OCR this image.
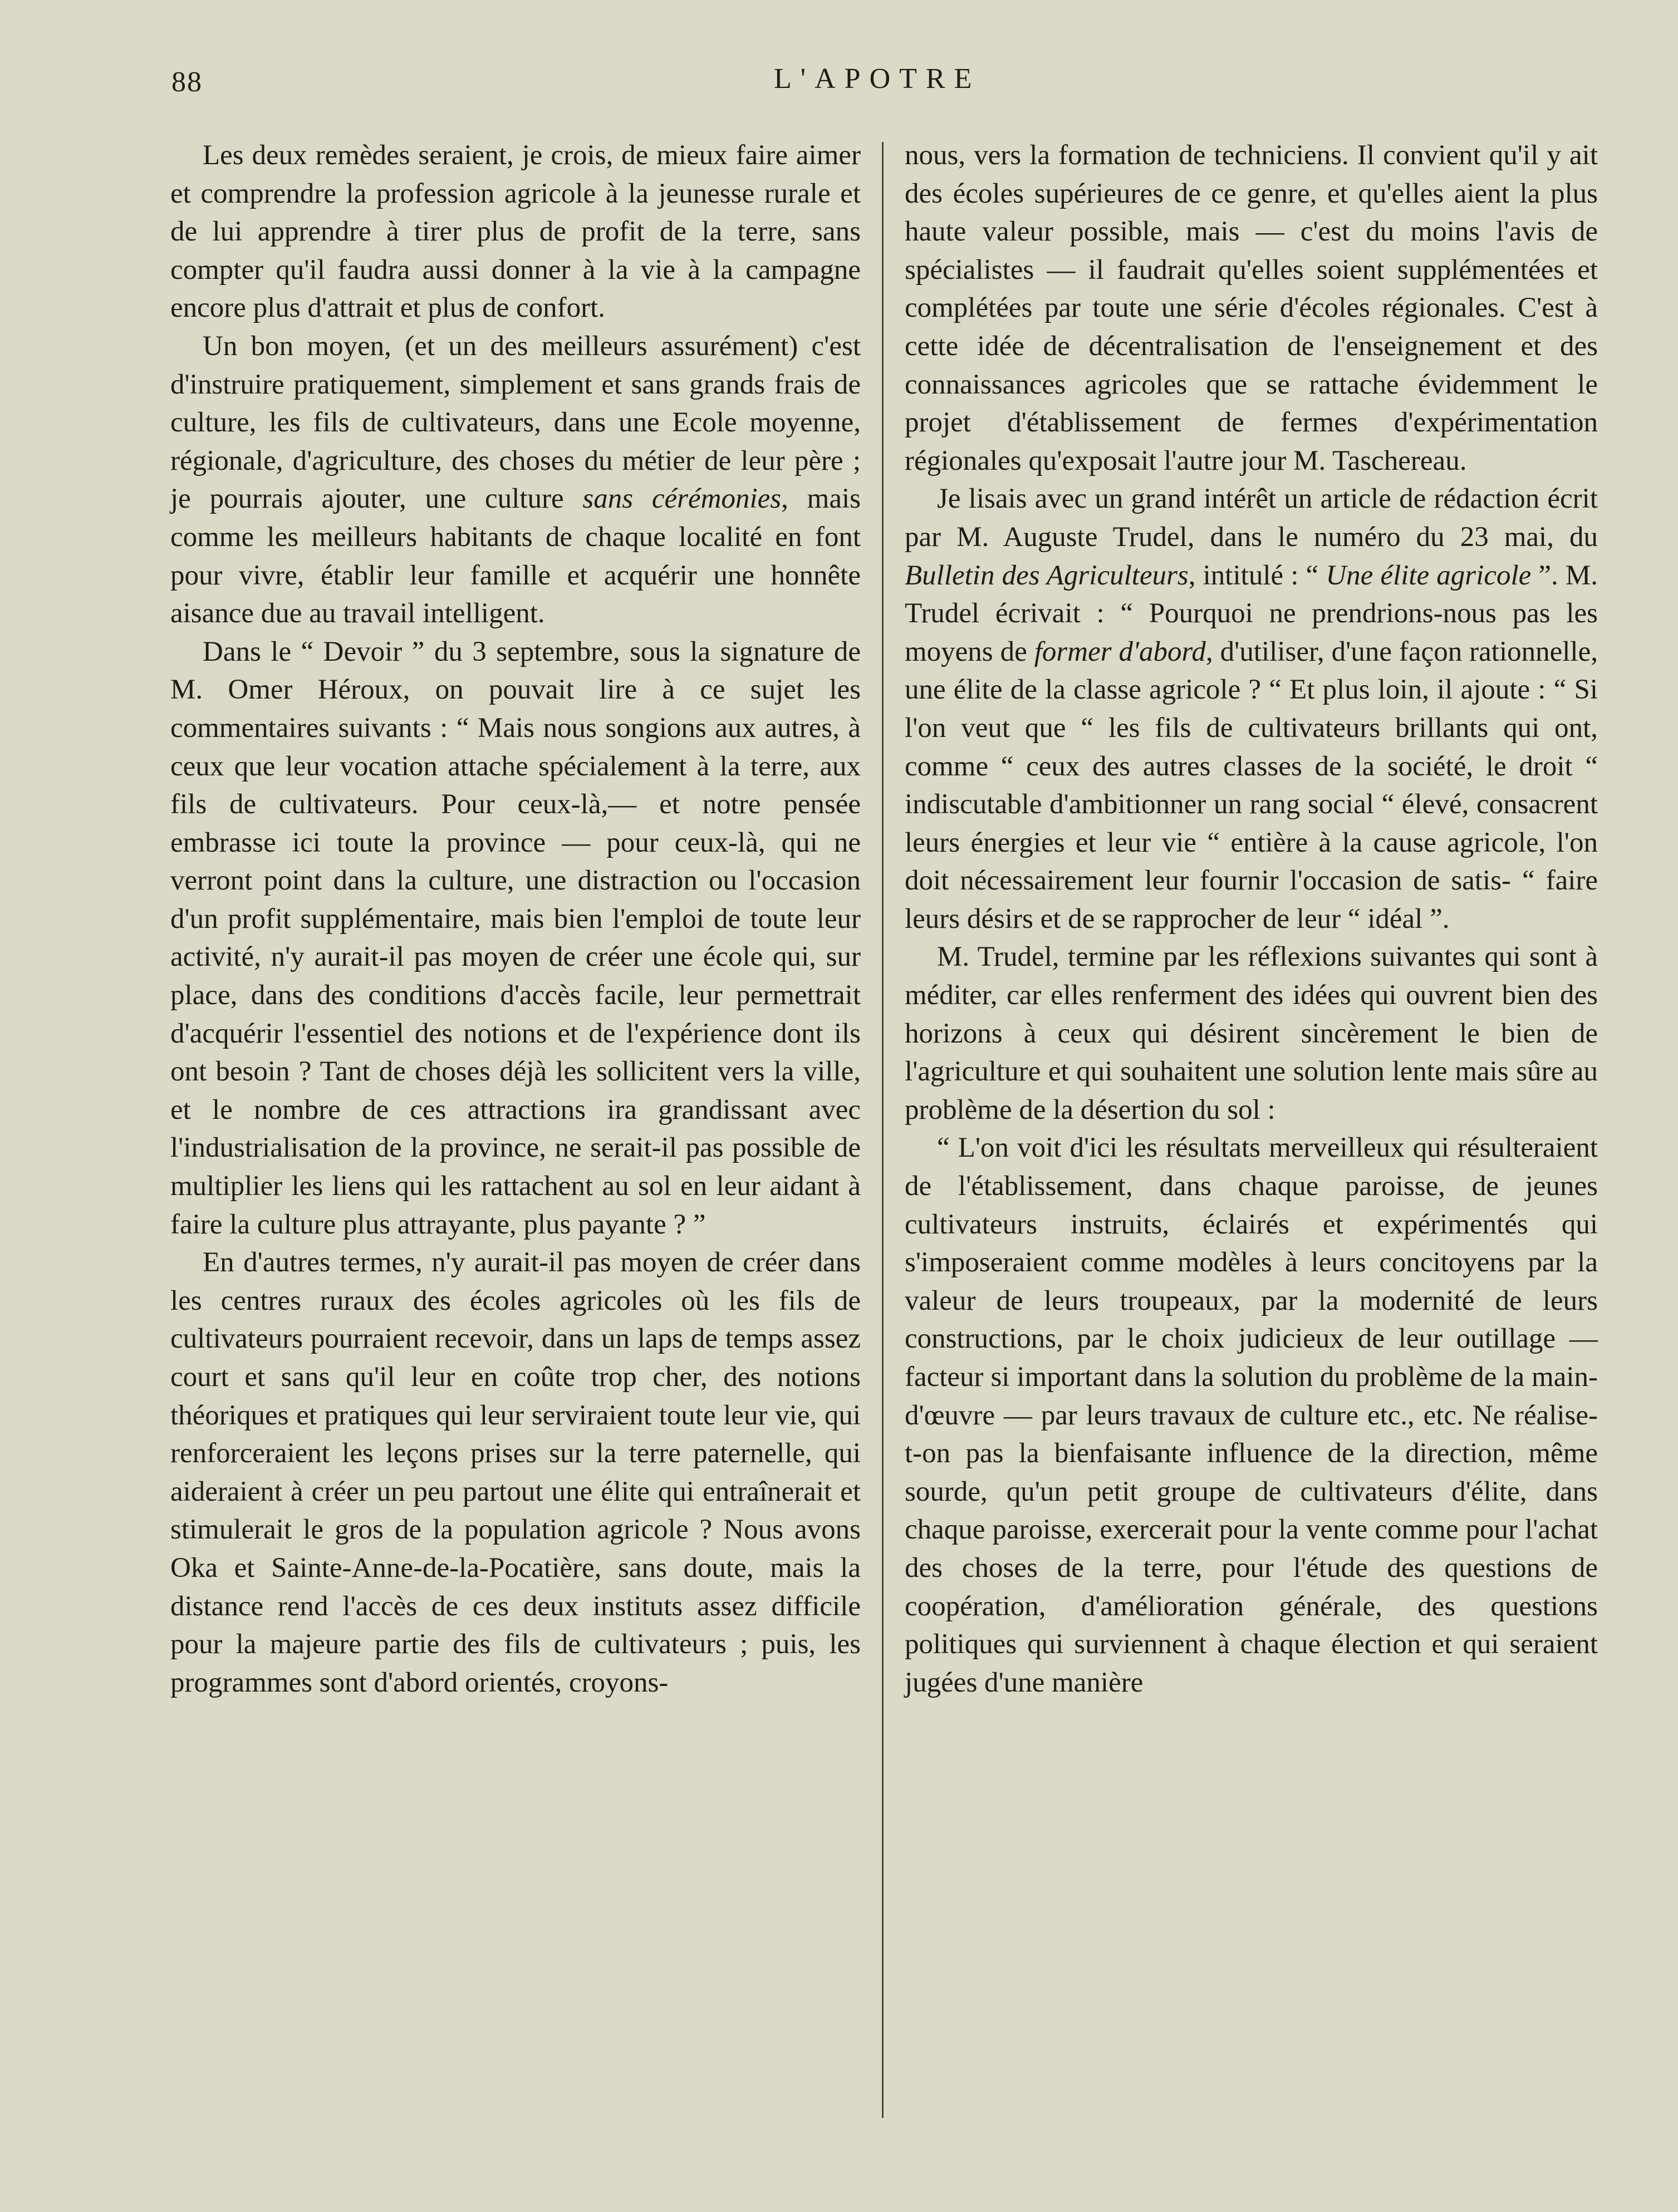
88	L'APOTRE

Les deux remèdes seraient, je crois, de mieux faire aimer et comprendre la profession agricole à la jeunesse rurale et de lui apprendre à tirer plus de profit de la terre, sans compter qu'il faudra aussi donner à la vie à la campagne encore plus d'attrait et plus de confort.

Un bon moyen, (et un des meilleurs assurément) c'est d'instruire pratiquement, simplement et sans grands frais de culture, les fils de cultivateurs, dans une Ecole moyenne, régionale, d'agriculture, des choses du métier de leur père ; je pourrais ajouter, une culture sans cérémonies, mais comme les meilleurs habitants de chaque localité en font pour vivre, établir leur famille et acquérir une honnête aisance due au travail intelligent.

Dans le “ Devoir ” du 3 septembre, sous la signature de M. Omer Héroux, on pouvait lire à ce sujet les commentaires suivants : “ Mais nous songions aux autres, à ceux que leur vocation attache spécialement à la terre, aux fils de cultivateurs. Pour ceux-là,— et notre pensée embrasse ici toute la province — pour ceux-là, qui ne verront point dans la culture, une distraction ou l'occasion d'un profit supplémentaire, mais bien l'emploi de toute leur activité, n'y aurait-il pas moyen de créer une école qui, sur place, dans des conditions d'accès facile, leur permettrait d'acquérir l'essentiel des notions et de l'expérience dont ils ont besoin ? Tant de choses déjà les sollicitent vers la ville, et le nombre de ces attractions ira grandissant avec l'industrialisation de la province, ne serait-il pas possible de multiplier les liens qui les rattachent au sol en leur aidant à faire la culture plus attrayante, plus payante ? ”

En d'autres termes, n'y aurait-il pas moyen de créer dans les centres ruraux des écoles agricoles où les fils de cultivateurs pourraient recevoir, dans un laps de temps assez court et sans qu'il leur en coûte trop cher, des notions théoriques et pratiques qui leur serviraient toute leur vie, qui renforceraient les leçons prises sur la terre paternelle, qui aideraient à créer un peu partout une élite qui entraînerait et stimulerait le gros de la population agricole ? Nous avons Oka et Sainte-Anne-de-la-Pocatière, sans doute, mais la distance rend l'accès de ces deux instituts assez difficile pour la majeure partie des fils de cultivateurs ; puis, les programmes sont d'abord orientés, croyons-

nous, vers la formation de techniciens. Il convient qu'il y ait des écoles supérieures de ce genre, et qu'elles aient la plus haute valeur possible, mais — c'est du moins l'avis de spécialistes — il faudrait qu'elles soient supplémentées et complétées par toute une série d'écoles régionales. C'est à cette idée de décentralisation de l'enseignement et des connaissances agricoles que se rattache évidemment le projet d'établissement de fermes d'expérimentation régionales qu'exposait l'autre jour M. Taschereau.

Je lisais avec un grand intérêt un article de rédaction écrit par M. Auguste Trudel, dans le numéro du 23 mai, du Bulletin des Agriculteurs, intitulé : “ Une élite agricole ”. M. Trudel écrivait : “ Pourquoi ne prendrions-nous pas les moyens de former d'abord, d'utiliser, d'une façon rationnelle, une élite de la classe agricole ? “ Et plus loin, il ajoute : “ Si l'on veut que “ les fils de cultivateurs brillants qui ont, comme “ ceux des autres classes de la société, le droit “ indiscutable d'ambitionner un rang social “ élevé, consacrent leurs énergies et leur vie “ entière à la cause agricole, l'on doit nécessairement leur fournir l'occasion de satis- “ faire leurs désirs et de se rapprocher de leur “ idéal ”.

M. Trudel, termine par les réflexions suivantes qui sont à méditer, car elles renferment des idées qui ouvrent bien des horizons à ceux qui désirent sincèrement le bien de l'agriculture et qui souhaitent une solution lente mais sûre au problème de la désertion du sol :

“ L'on voit d'ici les résultats merveilleux qui résulteraient de l'établissement, dans chaque paroisse, de jeunes cultivateurs instruits, éclairés et expérimentés qui s'imposeraient comme modèles à leurs concitoyens par la valeur de leurs troupeaux, par la modernité de leurs constructions, par le choix judicieux de leur outillage — facteur si important dans la solution du problème de la main-d'œuvre — par leurs travaux de culture etc., etc. Ne réalise-t-on pas la bienfaisante influence de la direction, même sourde, qu'un petit groupe de cultivateurs d'élite, dans chaque paroisse, exercerait pour la vente comme pour l'achat des choses de la terre, pour l'étude des questions de coopération, d'amélioration générale, des questions politiques qui surviennent à chaque élection et qui seraient jugées d'une manière
